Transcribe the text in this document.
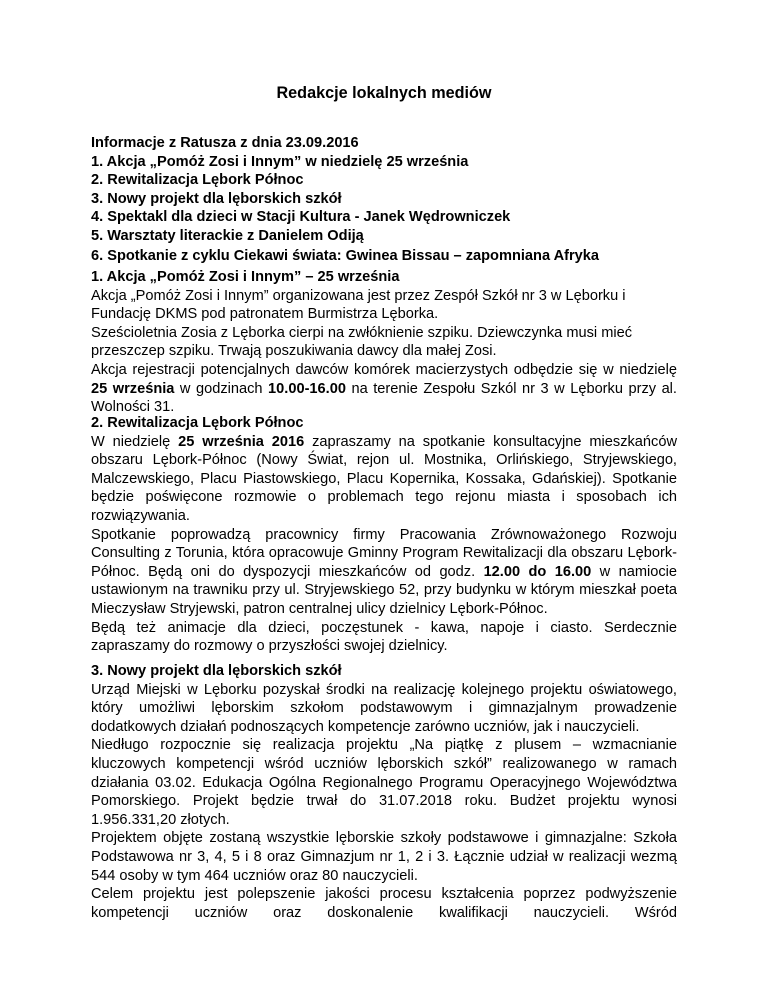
Redakcje lokalnych mediów
Informacje z Ratusza z dnia 23.09.2016
1. Akcja „Pomóż Zosi i Innym” w niedzielę 25 września
2. Rewitalizacja Lębork Północ
3. Nowy projekt dla lęborskich szkół
4. Spektakl dla dzieci w Stacji Kultura - Janek Wędrowniczek
5. Warsztaty literackie z Danielem Odiją
6. Spotkanie z cyklu Ciekawi świata: Gwinea Bissau – zapomniana Afryka
1. Akcja „Pomóż Zosi i Innym” – 25 września

Akcja „Pomóż Zosi i Innym” organizowana jest przez Zespół Szkół nr 3 w Lęborku i Fundację DKMS pod patronatem Burmistrza Lęborka.

Sześcioletnia Zosia z Lęborka cierpi na zwłóknienie szpiku. Dziewczynka musi mieć przeszczep szpiku. Trwają poszukiwania dawcy dla małej Zosi.

Akcja rejestracji potencjalnych dawców komórek macierzystych odbędzie się w niedzielę 25 września w godzinach 10.00-16.00 na terenie Zespołu Szkól nr 3 w Lęborku przy al. Wolności 31.

2. Rewitalizacja Lębork Północ

W niedzielę 25 września 2016 zapraszamy na spotkanie konsultacyjne mieszkańców obszaru Lębork-Północ (Nowy Świat, rejon ul. Mostnika, Orlińskiego, Stryjewskiego, Malczewskiego, Placu Piastowskiego, Placu Kopernika, Kossaka, Gdańskiej). Spotkanie będzie poświęcone rozmowie o problemach tego rejonu miasta i sposobach ich rozwiązywania.

Spotkanie poprowadzą pracownicy firmy Pracowania Zrównoważonego Rozwoju Consulting z Torunia, która opracowuje Gminny Program Rewitalizacji dla obszaru Lębork-Północ. Będą oni do dyspozycji mieszkańców od godz. 12.00 do 16.00 w namiocie ustawionym na trawniku przy ul. Stryjewskiego 52, przy budynku w którym mieszkał poeta Mieczysław Stryjewski, patron centralnej ulicy dzielnicy Lębork-Północ.

Będą też animacje dla dzieci, poczęstunek - kawa, napoje i ciasto. Serdecznie zapraszamy do rozmowy o przyszłości swojej dzielnicy.

3. Nowy projekt dla lęborskich szkół

Urząd Miejski w Lęborku pozyskał środki na realizację kolejnego projektu oświatowego, który umożliwi lęborskim szkołom podstawowym i gimnazjalnym prowadzenie dodatkowych działań podnoszących kompetencje zarówno uczniów, jak i nauczycieli.

Niedługo rozpocznie się realizacja projektu „Na piątkę z plusem – wzmacnianie kluczowych kompetencji wśród uczniów lęborskich szkół” realizowanego w ramach działania 03.02. Edukacja Ogólna Regionalnego Programu Operacyjnego Województwa Pomorskiego. Projekt będzie trwał do 31.07.2018 roku. Budżet projektu wynosi 1.956.331,20 złotych.

Projektem objęte zostaną wszystkie lęborskie szkoły podstawowe i gimnazjalne: Szkoła Podstawowa nr 3, 4, 5 i 8 oraz Gimnazjum nr 1, 2 i 3. Łącznie udział w realizacji wezmą 544 osoby w tym 464 uczniów oraz 80 nauczycieli.

Celem projektu jest polepszenie jakości procesu kształcenia poprzez podwyższenie kompetencji uczniów oraz doskonalenie kwalifikacji nauczycieli. Wśród
